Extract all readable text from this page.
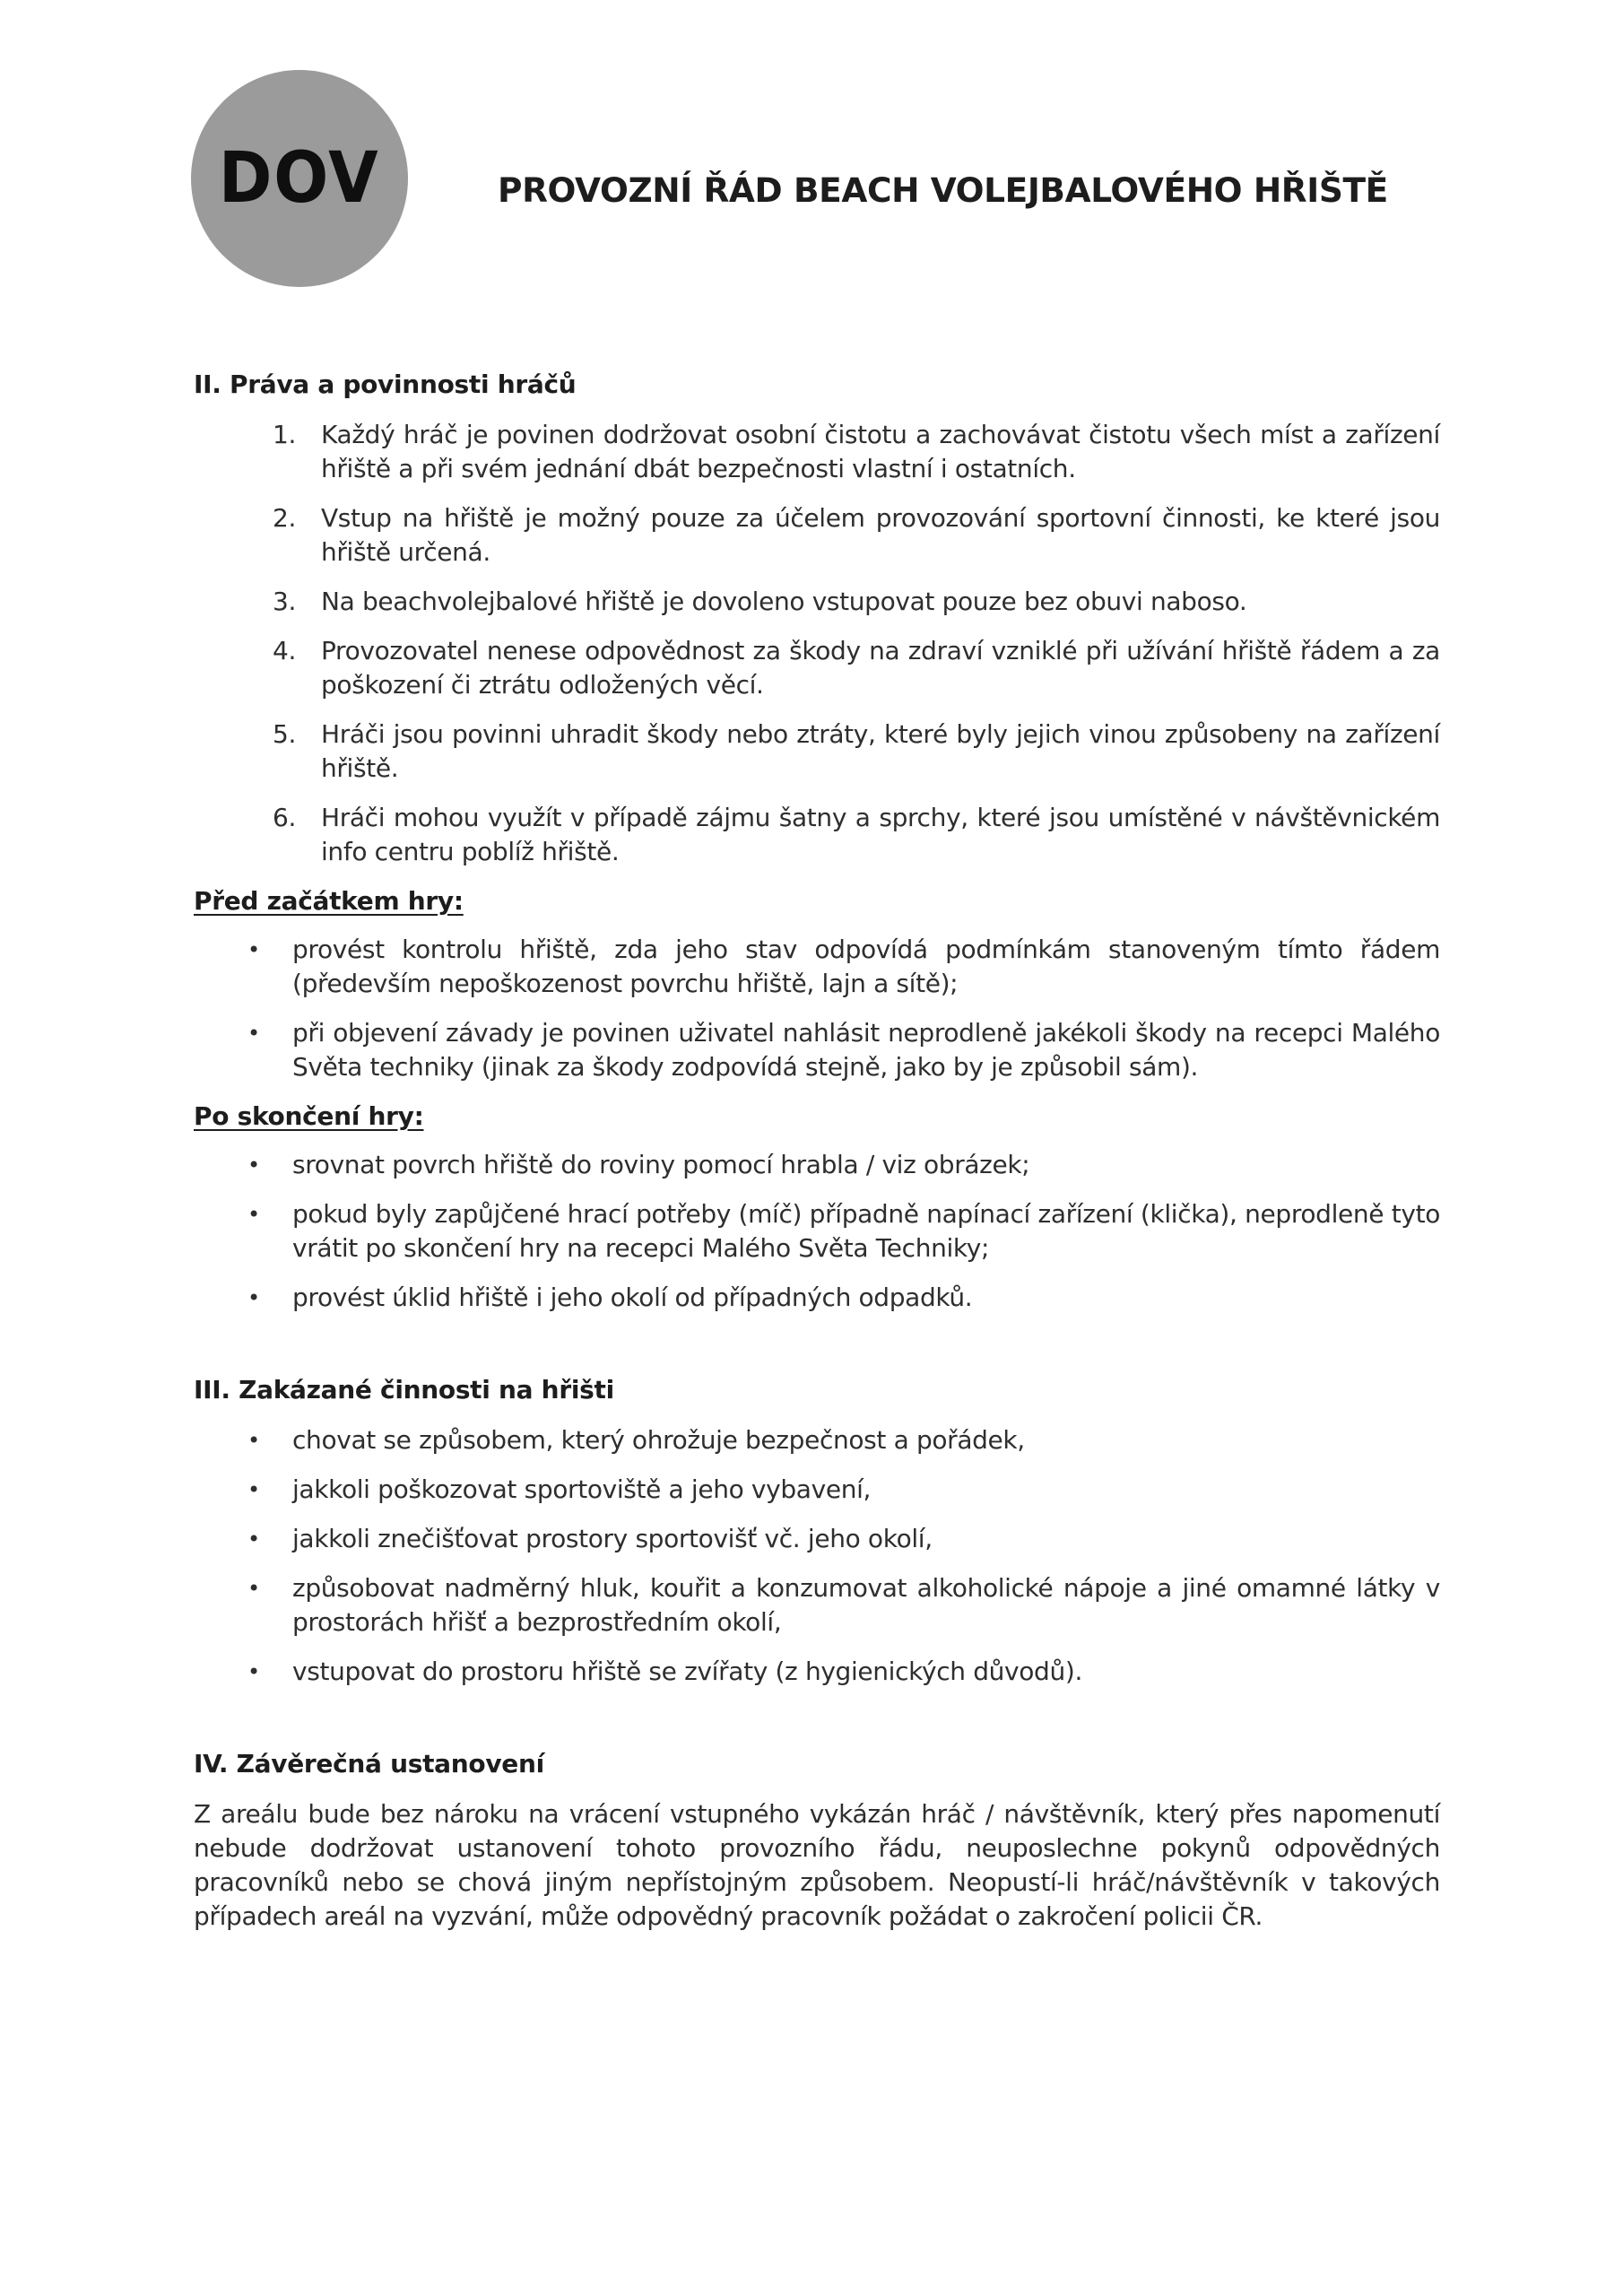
DOV	PROVOZNÍ ŘÁD BEACH VOLEJBALOVÉHO HŘIŠTĚ
II. Práva a povinnosti hráčů
1. Každý hráč je povinen dodržovat osobní čistotu a zachovávat čistotu všech míst a zařízení hřiště a při svém jednání dbát bezpečnosti vlastní i ostatních.
2. Vstup na hřiště je možný pouze za účelem provozování sportovní činnosti, ke které jsou hřiště určená.
3. Na beachvolejbalové hřiště je dovoleno vstupovat pouze bez obuvi naboso.
4. Provozovatel nenese odpovědnost za škody na zdraví vzniklé při užívání hřiště řádem a za poškození či ztrátu odložených věcí.
5. Hráči jsou povinni uhradit škody nebo ztráty, které byly jejich vinou způsobeny na zařízení hřiště.
6. Hráči mohou využít v případě zájmu šatny a sprchy, které jsou umístěné v návštěvnickém info centru poblíž hřiště.
Před začátkem hry:
• provést kontrolu hřiště, zda jeho stav odpovídá podmínkám stanoveným tímto řádem (především nepoškozenost povrchu hřiště, lajn a sítě);
• při objevení závady je povinen uživatel nahlásit neprodleně jakékoli škody na recepci Malého Světa techniky (jinak za škody zodpovídá stejně, jako by je způsobil sám).
Po skončení hry:
• srovnat povrch hřiště do roviny pomocí hrabla / viz obrázek;
• pokud byly zapůjčené hrací potřeby (míč) případně napínací zařízení (klička), neprodleně tyto vrátit po skončení hry na recepci Malého Světa Techniky;
• provést úklid hřiště i jeho okolí od případných odpadků.
III. Zakázané činnosti na hřišti
• chovat se způsobem, který ohrožuje bezpečnost a pořádek,
• jakkoli poškozovat sportoviště a jeho vybavení,
• jakkoli znečišťovat prostory sportovišť vč. jeho okolí,
• způsobovat nadměrný hluk, kouřit a konzumovat alkoholické nápoje a jiné omamné látky v prostorách hřišť a bezprostředním okolí,
• vstupovat do prostoru hřiště se zvířaty (z hygienických důvodů).
IV. Závěrečná ustanovení

Z areálu bude bez nároku na vrácení vstupného vykázán hráč / návštěvník, který přes napomenutí nebude dodržovat ustanovení tohoto provozního řádu, neuposlechne pokynů odpovědných pracovníků nebo se chová jiným nepřístojným způsobem. Neopustí-li hráč/návštěvník v takových případech areál na vyzvání, může odpovědný pracovník požádat o zakročení policii ČR.
